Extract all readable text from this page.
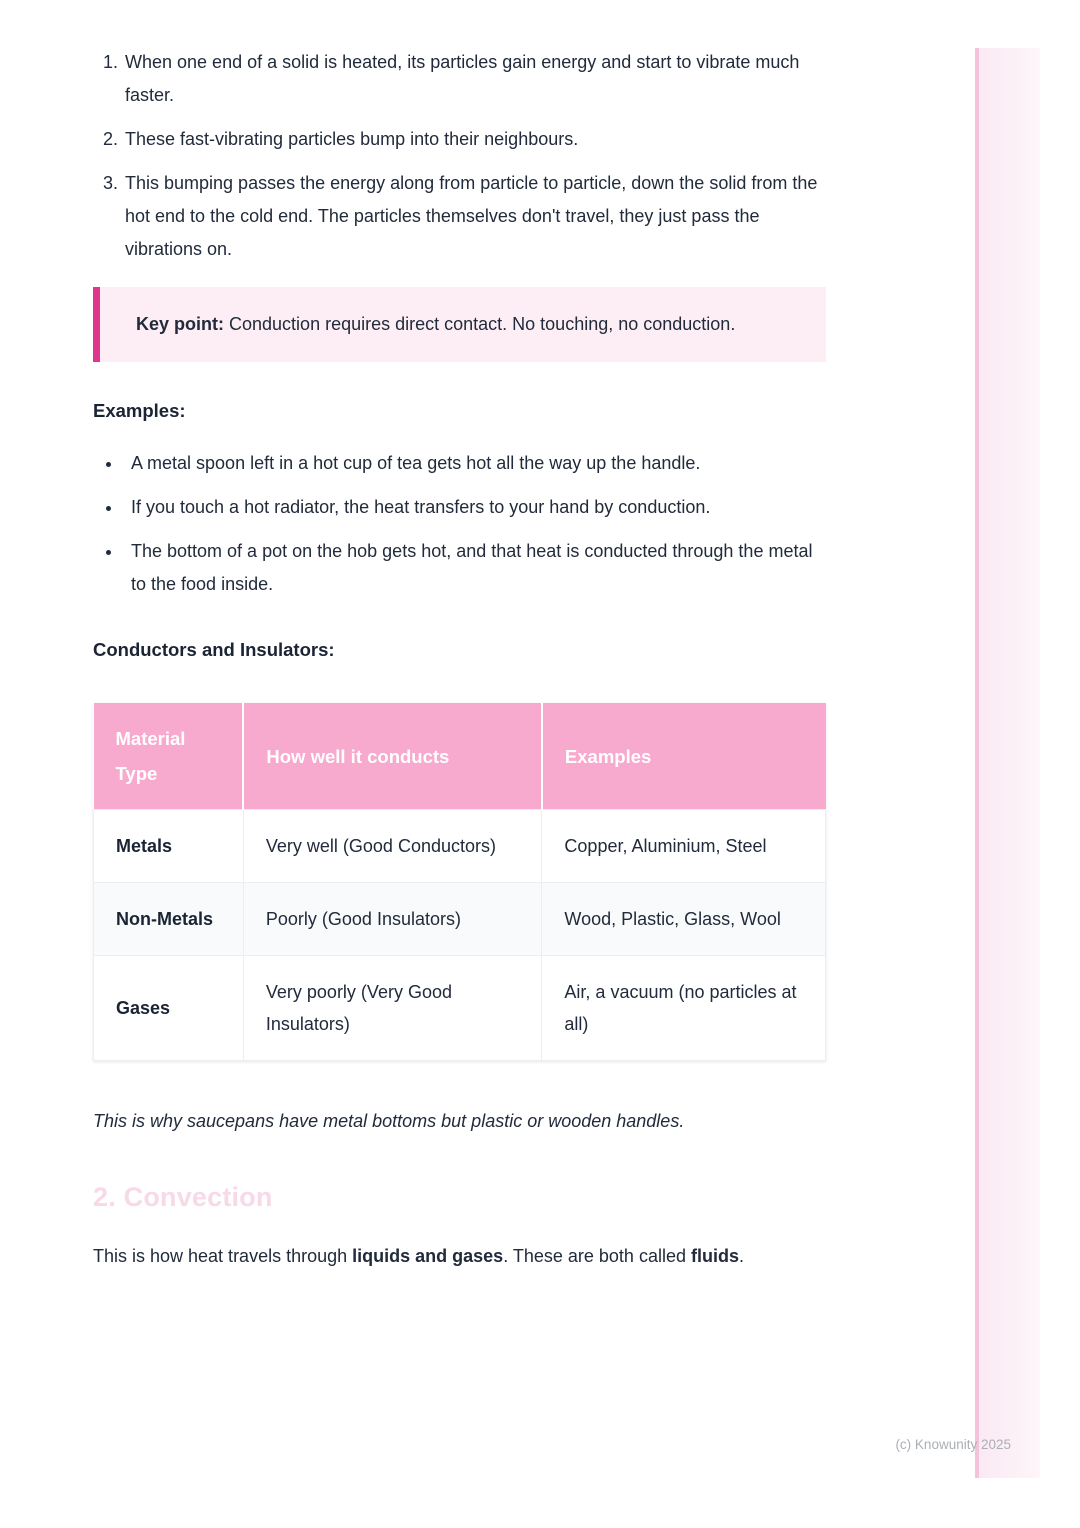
1. When one end of a solid is heated, its particles gain energy and start to vibrate much faster.
2. These fast-vibrating particles bump into their neighbours.
3. This bumping passes the energy along from particle to particle, down the solid from the hot end to the cold end. The particles themselves don't travel, they just pass the vibrations on.

Key point: Conduction requires direct contact. No touching, no conduction.

Examples:
• A metal spoon left in a hot cup of tea gets hot all the way up the handle.
• If you touch a hot radiator, the heat transfers to your hand by conduction.
• The bottom of a pot on the hob gets hot, and that heat is conducted through the metal to the food inside.
Conductors and Insulators:
Material Type	How well it conducts	Examples
Metals	Very well (Good Conductors)	Copper, Aluminium, Steel
Non-Metals	Poorly (Good Insulators)	Wood, Plastic, Glass, Wool
Gases	Very poorly (Very Good Insulators)	Air, a vacuum (no particles at all)

This is why saucepans have metal bottoms but plastic or wooden handles.

2. Convection

This is how heat travels through liquids and gases. These are both called fluids.

(c) Knowunity 2025
